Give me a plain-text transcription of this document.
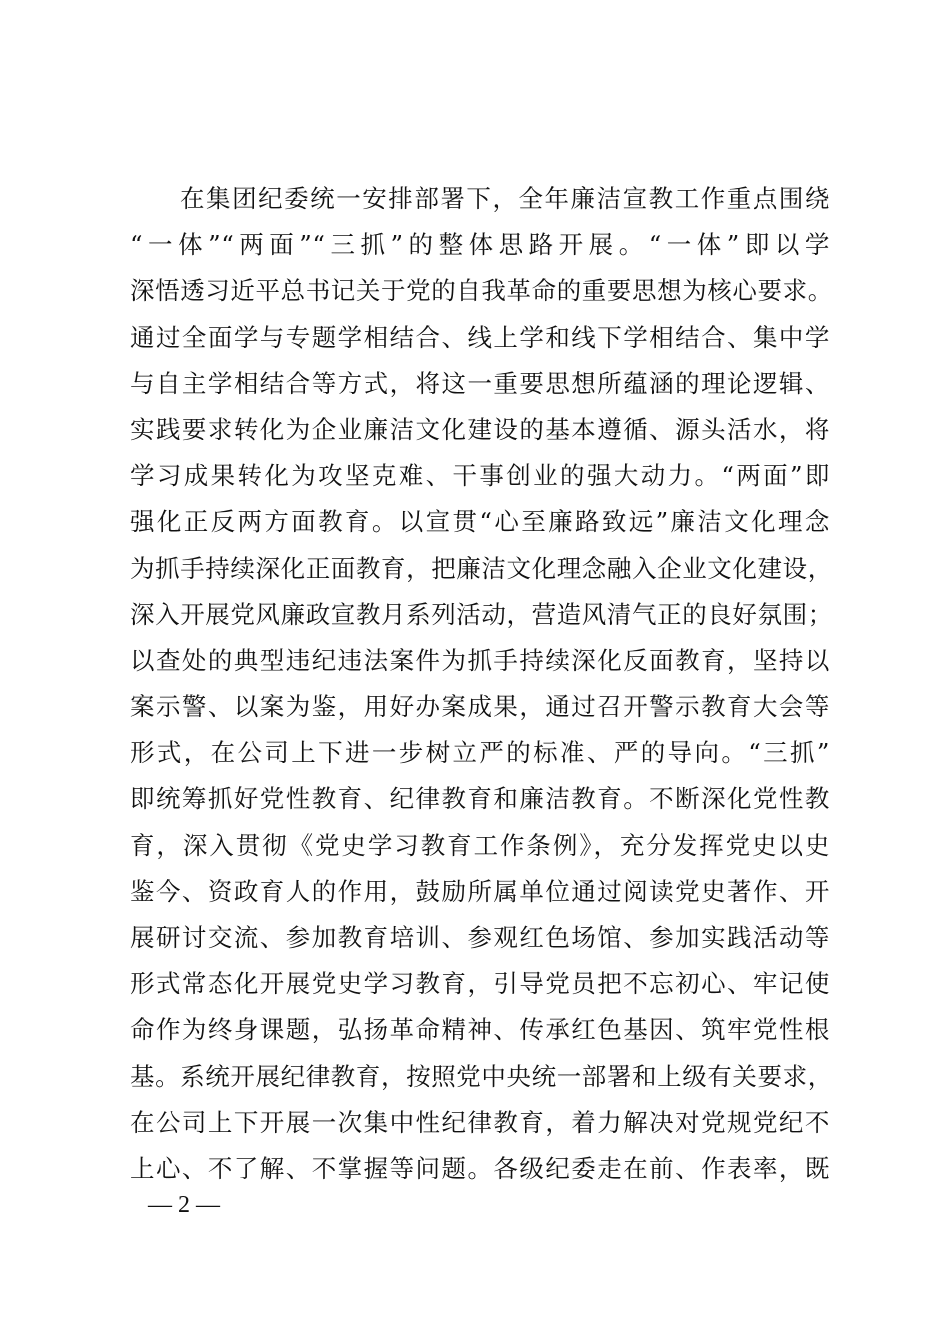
在集团纪委统一安排部署下，全年廉洁宣教工作重点围绕
“一体”“两面”“三抓”的整体思路开展。“一体”即以学
深悟透习近平总书记关于党的自我革命的重要思想为核心要求。
通过全面学与专题学相结合、线上学和线下学相结合、集中学
与自主学相结合等方式，将这一重要思想所蕴涵的理论逻辑、
实践要求转化为企业廉洁文化建设的基本遵循、源头活水，将
学习成果转化为攻坚克难、干事创业的强大动力。“两面”即
强化正反两方面教育。以宣贯“心至廉路致远”廉洁文化理念
为抓手持续深化正面教育，把廉洁文化理念融入企业文化建设，
深入开展党风廉政宣教月系列活动，营造风清气正的良好氛围；
以查处的典型违纪违法案件为抓手持续深化反面教育，坚持以
案示警、以案为鉴，用好办案成果，通过召开警示教育大会等
形式，在公司上下进一步树立严的标准、严的导向。“三抓”
即统筹抓好党性教育、纪律教育和廉洁教育。不断深化党性教
育，深入贯彻《党史学习教育工作条例》，充分发挥党史以史
鉴今、资政育人的作用，鼓励所属单位通过阅读党史著作、开
展研讨交流、参加教育培训、参观红色场馆、参加实践活动等
形式常态化开展党史学习教育，引导党员把不忘初心、牢记使
命作为终身课题，弘扬革命精神、传承红色基因、筑牢党性根
基。系统开展纪律教育，按照党中央统一部署和上级有关要求，
在公司上下开展一次集中性纪律教育，着力解决对党规党纪不
上心、不了解、不掌握等问题。各级纪委走在前、作表率，既
— 2 —
